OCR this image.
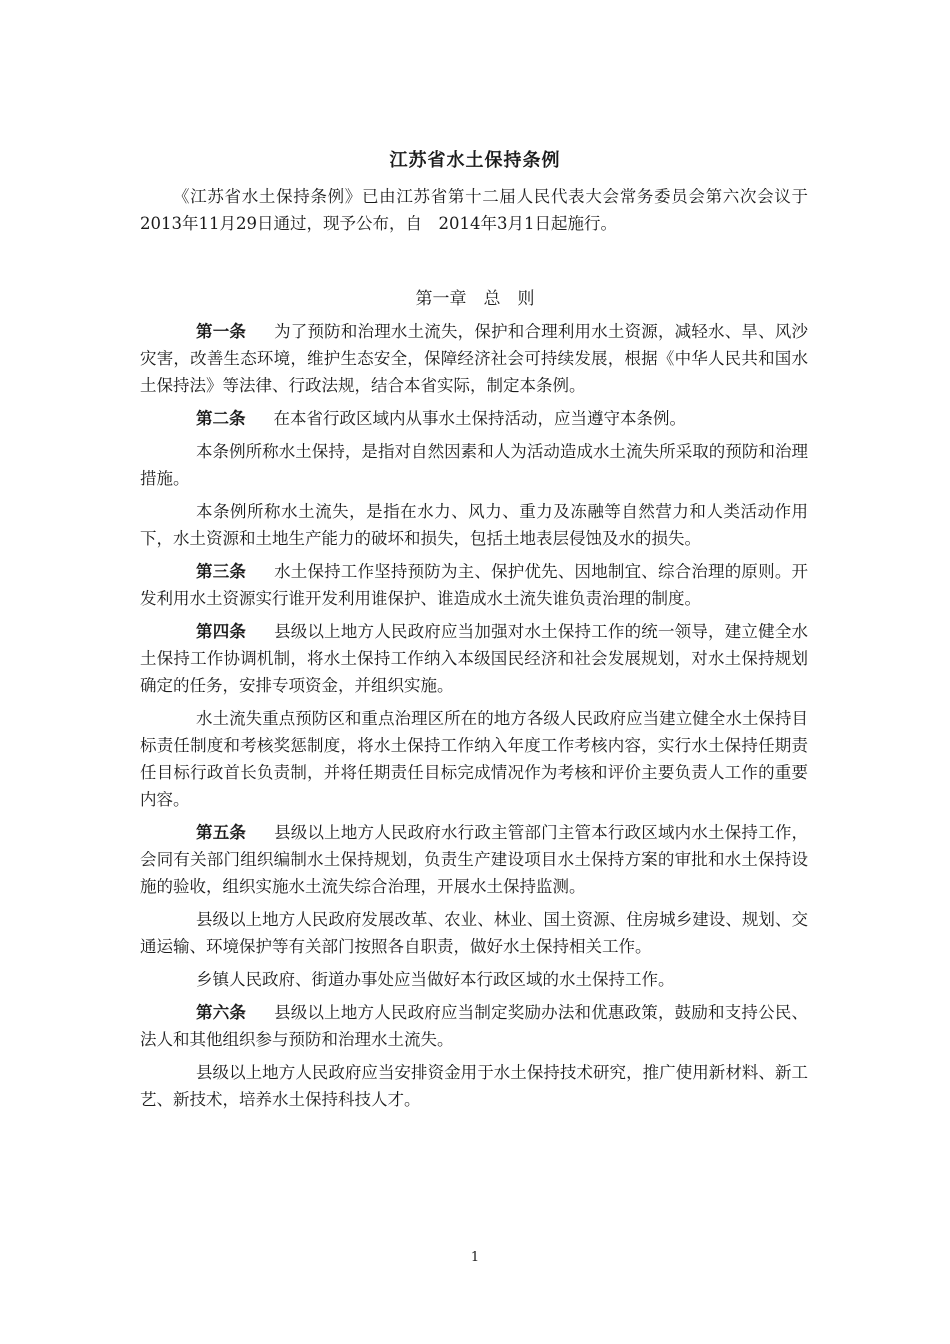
江苏省水土保持条例
《江苏省水土保持条例》已由江苏省第十二届人民代表大会常务委员会第六次会议于2013年11月29日通过，现予公布，自　2014年3月1日起施行。
第一章　总　则

第一条 为了预防和治理水土流失，保护和合理利用水土资源，减轻水、旱、风沙灾害，改善生态环境，维护生态安全，保障经济社会可持续发展，根据《中华人民共和国水土保持法》等法律、行政法规，结合本省实际，制定本条例。

第二条 在本省行政区域内从事水土保持活动，应当遵守本条例。

本条例所称水土保持，是指对自然因素和人为活动造成水土流失所采取的预防和治理措施。

本条例所称水土流失，是指在水力、风力、重力及冻融等自然营力和人类活动作用下，水土资源和土地生产能力的破坏和损失，包括土地表层侵蚀及水的损失。

第三条 水土保持工作坚持预防为主、保护优先、因地制宜、综合治理的原则。开发利用水土资源实行谁开发利用谁保护、谁造成水土流失谁负责治理的制度。

第四条 县级以上地方人民政府应当加强对水土保持工作的统一领导，建立健全水土保持工作协调机制，将水土保持工作纳入本级国民经济和社会发展规划，对水土保持规划确定的任务，安排专项资金，并组织实施。

水土流失重点预防区和重点治理区所在的地方各级人民政府应当建立健全水土保持目标责任制度和考核奖惩制度，将水土保持工作纳入年度工作考核内容，实行水土保持任期责任目标行政首长负责制，并将任期责任目标完成情况作为考核和评价主要负责人工作的重要内容。

第五条 县级以上地方人民政府水行政主管部门主管本行政区域内水土保持工作，会同有关部门组织编制水土保持规划，负责生产建设项目水土保持方案的审批和水土保持设施的验收，组织实施水土流失综合治理，开展水土保持监测。

县级以上地方人民政府发展改革、农业、林业、国土资源、住房城乡建设、规划、交通运输、环境保护等有关部门按照各自职责，做好水土保持相关工作。

乡镇人民政府、街道办事处应当做好本行政区域的水土保持工作。

第六条 县级以上地方人民政府应当制定奖励办法和优惠政策，鼓励和支持公民、法人和其他组织参与预防和治理水土流失。

县级以上地方人民政府应当安排资金用于水土保持技术研究，推广使用新材料、新工艺、新技术，培养水土保持科技人才。

1
